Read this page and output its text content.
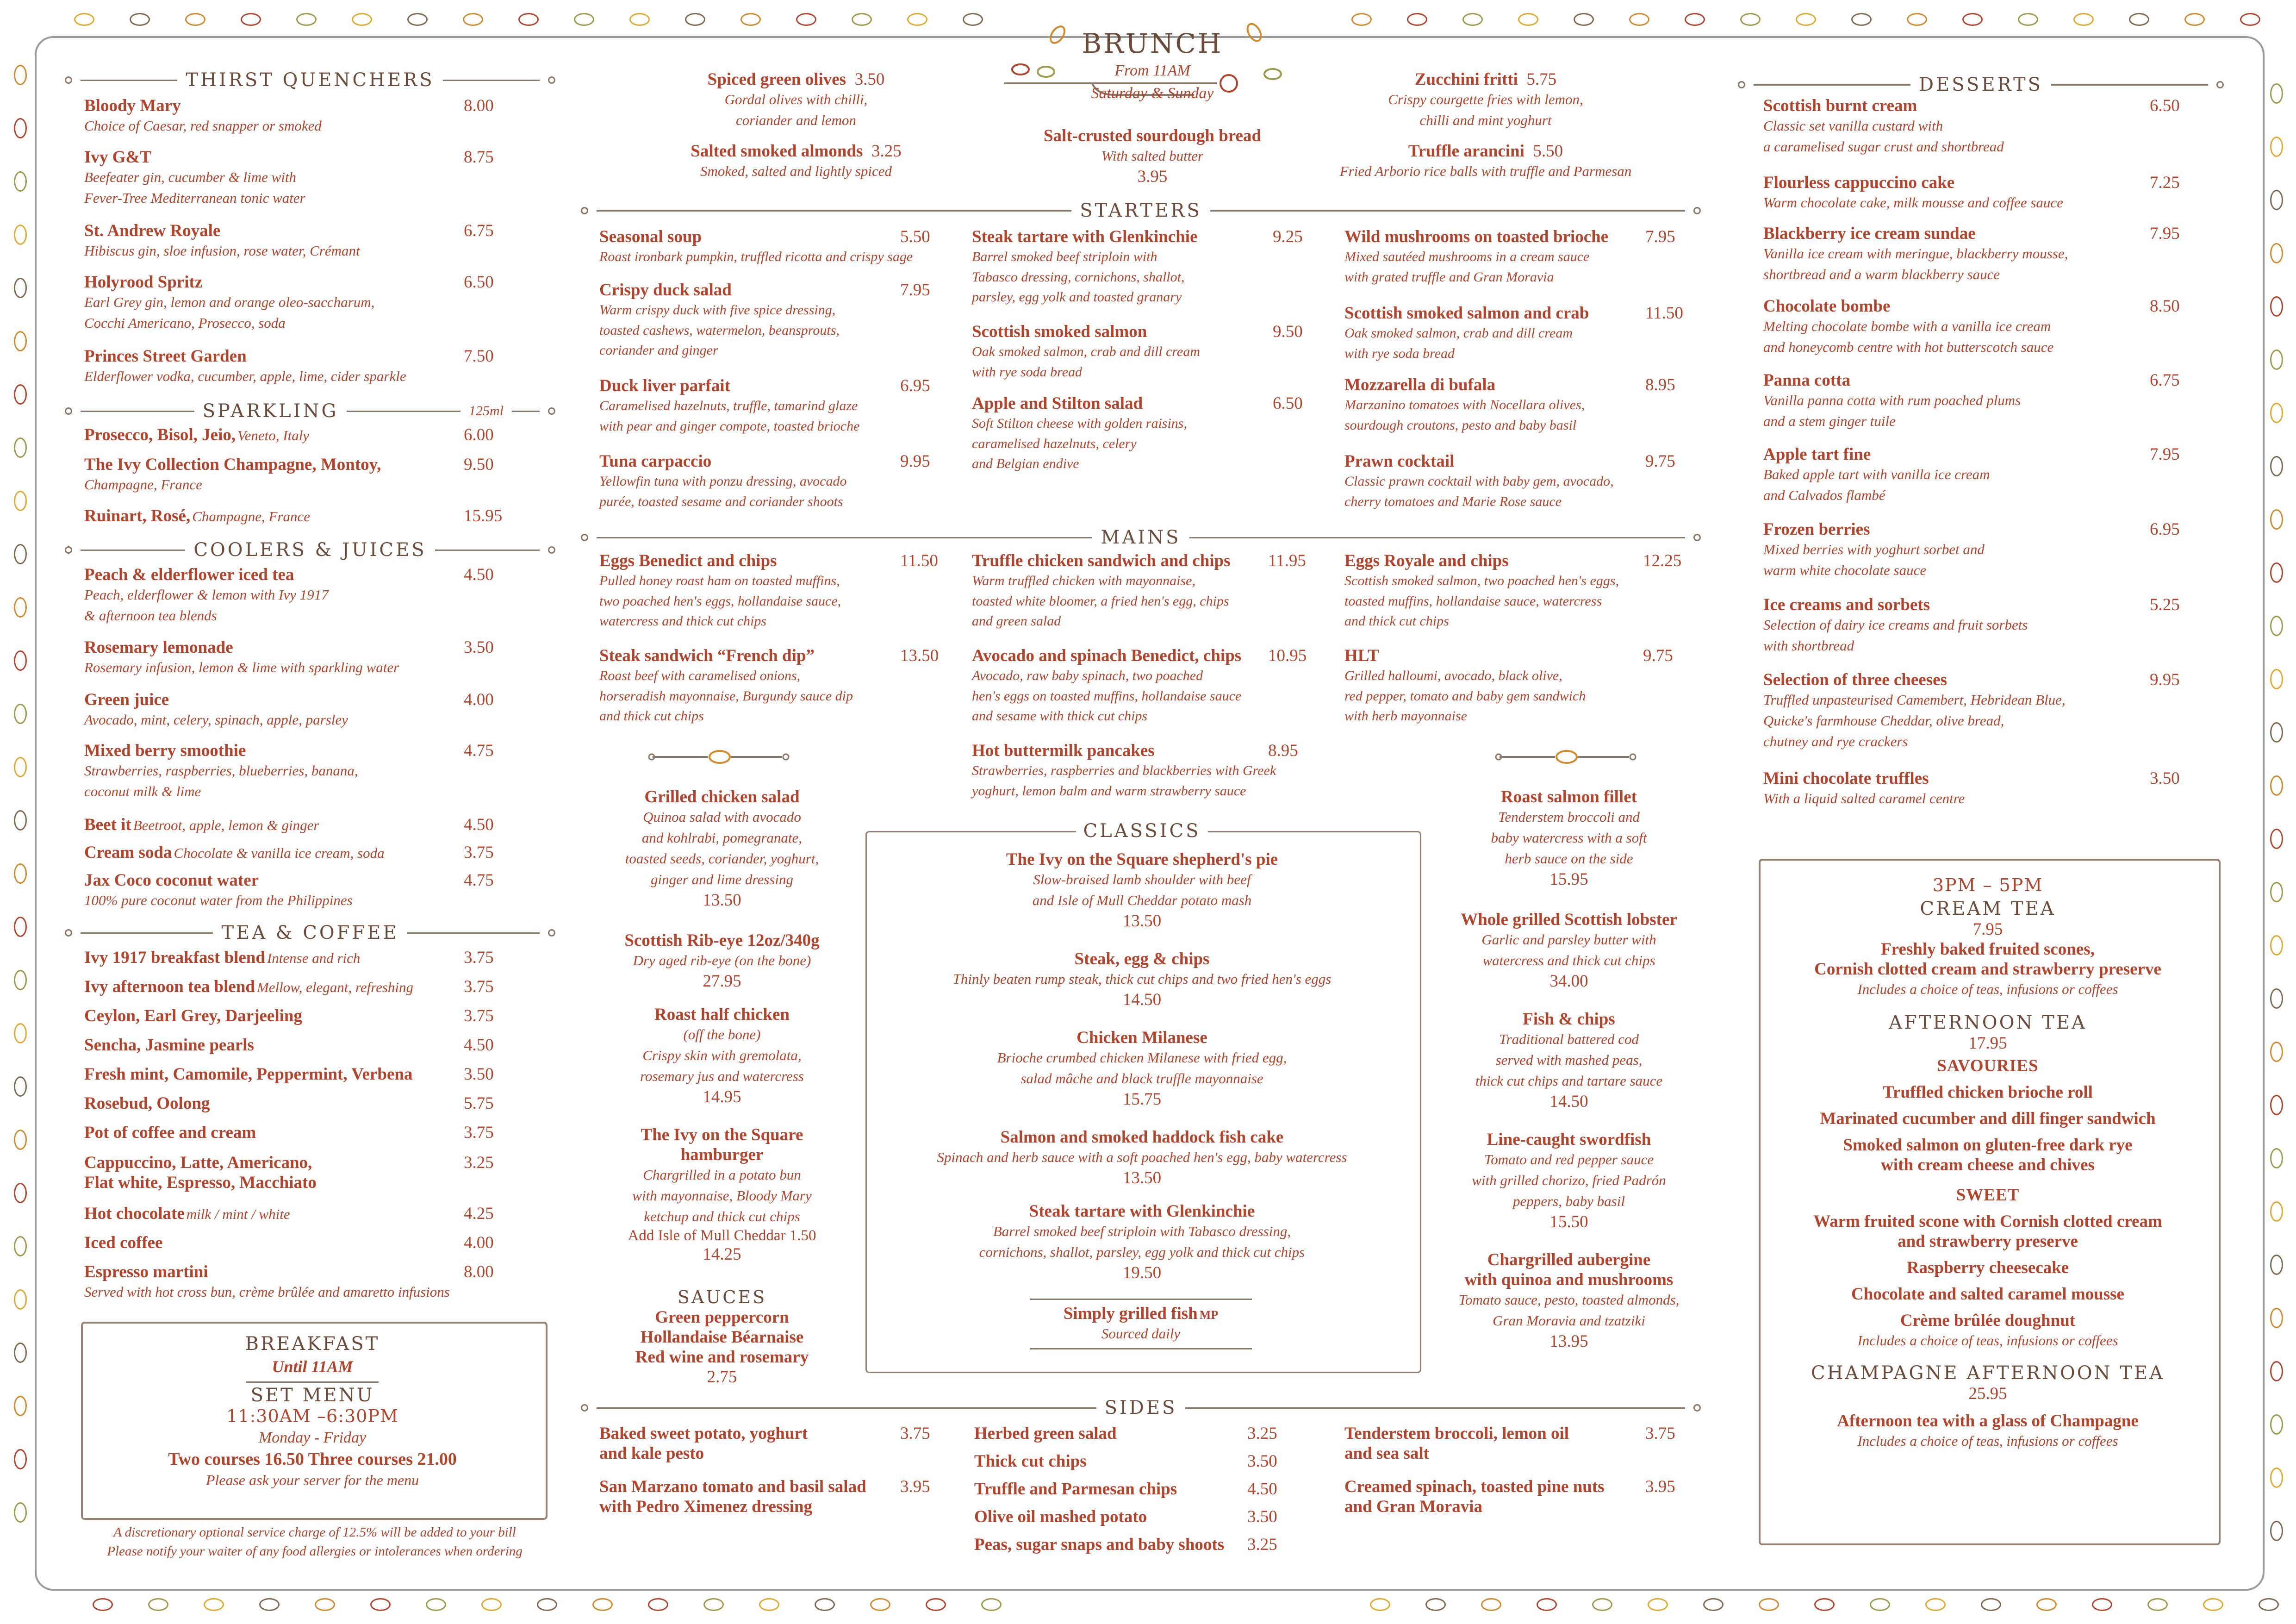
BRUNCH
From 11AM
Saturday & Sunday
Salt-crusted sourdough bread
With salted butter
3.95
Spiced green olives 3.50
Gordal olives with chilli,
coriander and lemon
Salted smoked almonds 3.25
Smoked, salted and lightly spiced
Zucchini fritti 5.75
Crispy courgette fries with lemon,
chilli and mint yoghurt
Truffle arancini 5.50
Fried Arborio rice balls with truffle and Parmesan
THIRST QUENCHERS
SPARKLING	125ml
COOLERS & JUICES
TEA & COFFEE
STARTERS
MAINS
SIDES
DESSERTS
Bloody Mary
Choice of Caesar, red snapper or smoked
8.00
Ivy G&T
Beefeater gin, cucumber & lime with
Fever-Tree Mediterranean tonic water
8.75
St. Andrew Royale
Hibiscus gin, sloe infusion, rose water, Crémant
6.75
Holyrood Spritz
Earl Grey gin, lemon and orange oleo-saccharum,
Cocchi Americano, Prosecco, soda
6.50
Princes Street Garden
Elderflower vodka, cucumber, apple, lime, cider sparkle
7.50
Prosecco, Bisol, Jeio, Veneto, Italy	6.00
The Ivy Collection Champagne, Montoy,
Champagne, France
9.50
Ruinart, Rosé, Champagne, France	15.95
Peach & elderflower iced tea
Peach, elderflower & lemon with Ivy 1917
& afternoon tea blends
4.50
Rosemary lemonade
Rosemary infusion, lemon & lime with sparkling water
3.50
Green juice
Avocado, mint, celery, spinach, apple, parsley
4.00
Mixed berry smoothie
Strawberries, raspberries, blueberries, banana,
coconut milk & lime
4.75
Beet it Beetroot, apple, lemon & ginger	4.50
Cream soda Chocolate & vanilla ice cream, soda	3.75
Jax Coco coconut water
100% pure coconut water from the Philippines
4.75
Ivy 1917 breakfast blend Intense and rich	3.75
Ivy afternoon tea blend Mellow, elegant, refreshing	3.75
Ceylon, Earl Grey, Darjeeling	3.75
Sencha, Jasmine pearls	4.50
Fresh mint, Camomile, Peppermint, Verbena	3.50
Rosebud, Oolong	5.75
Pot of coffee and cream	3.75
Cappuccino, Latte, Americano,
Flat white, Espresso, Macchiato
3.25
Hot chocolate milk / mint / white	4.25
Iced coffee	4.00
Espresso martini
Served with hot cross bun, crème brûlée and amaretto infusions
8.00
BREAKFAST
Until 11AM
SET MENU
11:30AM –6:30PM
Monday - Friday
Two courses 16.50 Three courses 21.00
Please ask your server for the menu
A discretionary optional service charge of 12.5% will be added to your bill
Please notify your waiter of any food allergies or intolerances when ordering
Seasonal soup
Roast ironbark pumpkin, truffled ricotta and crispy sage
5.50
Crispy duck salad
Warm crispy duck with five spice dressing,
toasted cashews, watermelon, beansprouts,
coriander and ginger
7.95
Duck liver parfait
Caramelised hazelnuts, truffle, tamarind glaze
with pear and ginger compote, toasted brioche
6.95
Tuna carpaccio
Yellowfin tuna with ponzu dressing, avocado
purée, toasted sesame and coriander shoots
9.95
Steak tartare with Glenkinchie
Barrel smoked beef striploin with
Tabasco dressing, cornichons, shallot,
parsley, egg yolk and toasted granary
9.25
Scottish smoked salmon
Oak smoked salmon, crab and dill cream
with rye soda bread
9.50
Apple and Stilton salad
Soft Stilton cheese with golden raisins,
caramelised hazelnuts, celery
and Belgian endive
6.50
Wild mushrooms on toasted brioche
Mixed sautéed mushrooms in a cream sauce
with grated truffle and Gran Moravia
7.95
Scottish smoked salmon and crab
Oak smoked salmon, crab and dill cream
with rye soda bread
11.50
Mozzarella di bufala
Marzanino tomatoes with Nocellara olives,
sourdough croutons, pesto and baby basil
8.95
Prawn cocktail
Classic prawn cocktail with baby gem, avocado,
cherry tomatoes and Marie Rose sauce
9.75
Eggs Benedict and chips
Pulled honey roast ham on toasted muffins,
two poached hen's eggs, hollandaise sauce,
watercress and thick cut chips
11.50
Steak sandwich “French dip”
Roast beef with caramelised onions,
horseradish mayonnaise, Burgundy sauce dip
and thick cut chips
13.50
Truffle chicken sandwich and chips
Warm truffled chicken with mayonnaise,
toasted white bloomer, a fried hen's egg, chips
and green salad
11.95
Avocado and spinach Benedict, chips
Avocado, raw baby spinach, two poached
hen's eggs on toasted muffins, hollandaise sauce
and sesame with thick cut chips
10.95
Hot buttermilk pancakes
Strawberries, raspberries and blackberries with Greek
yoghurt, lemon balm and warm strawberry sauce
8.95
Eggs Royale and chips
Scottish smoked salmon, two poached hen's eggs,
toasted muffins, hollandaise sauce, watercress
and thick cut chips
12.25
HLT
Grilled halloumi, avocado, black olive,
red pepper, tomato and baby gem sandwich
with herb mayonnaise
9.75
Baked sweet potato, yoghurt
and kale pesto
3.75
San Marzano tomato and basil salad
with Pedro Ximenez dressing
3.95
Herbed green salad	3.25
Thick cut chips	3.50
Truffle and Parmesan chips	4.50
Olive oil mashed potato	3.50
Peas, sugar snaps and baby shoots	3.25
Tenderstem broccoli, lemon oil
and sea salt
3.75
Creamed spinach, toasted pine nuts
and Gran Moravia
3.95
Grilled chicken salad
Quinoa salad with avocado
and kohlrabi, pomegranate,
toasted seeds, coriander, yoghurt,
ginger and lime dressing
13.50
Scottish Rib-eye 12oz/340g
Dry aged rib-eye (on the bone)
27.95
Roast half chicken
(off the bone)
Crispy skin with gremolata,
rosemary jus and watercress
14.95
The Ivy on the Square
hamburger
Chargrilled in a potato bun
with mayonnaise, Bloody Mary
ketchup and thick cut chips
Add Isle of Mull Cheddar 1.50
14.25
Roast salmon fillet
Tenderstem broccoli and
baby watercress with a soft
herb sauce on the side
15.95
Whole grilled Scottish lobster
Garlic and parsley butter with
watercress and thick cut chips
34.00
Fish & chips
Traditional battered cod
served with mashed peas,
thick cut chips and tartare sauce
14.50
Line-caught swordfish
Tomato and red pepper sauce
with grilled chorizo, fried Padrón
peppers, baby basil
15.50
Chargrilled aubergine
with quinoa and mushrooms
Tomato sauce, pesto, toasted almonds,
Gran Moravia and tzatziki
13.95
SAUCES
Green peppercorn
Hollandaise Béarnaise
Red wine and rosemary
2.75
Scottish burnt cream
Classic set vanilla custard with
a caramelised sugar crust and shortbread
6.50
Flourless cappuccino cake
Warm chocolate cake, milk mousse and coffee sauce
7.25
Blackberry ice cream sundae
Vanilla ice cream with meringue, blackberry mousse,
shortbread and a warm blackberry sauce
7.95
Chocolate bombe
Melting chocolate bombe with a vanilla ice cream
and honeycomb centre with hot butterscotch sauce
8.50
Panna cotta
Vanilla panna cotta with rum poached plums
and a stem ginger tuile
6.75
Apple tart fine
Baked apple tart with vanilla ice cream
and Calvados flambé
7.95
Frozen berries
Mixed berries with yoghurt sorbet and
warm white chocolate sauce
6.95
Ice creams and sorbets
Selection of dairy ice creams and fruit sorbets
with shortbread
5.25
Selection of three cheeses
Truffled unpasteurised Camembert, Hebridean Blue,
Quicke's farmhouse Cheddar, olive bread,
chutney and rye crackers
9.95
Mini chocolate truffles
With a liquid salted caramel centre
3.50
CLASSICS
The Ivy on the Square shepherd's pie
Slow-braised lamb shoulder with beef
and Isle of Mull Cheddar potato mash
13.50
Steak, egg & chips
Thinly beaten rump steak, thick cut chips and two fried hen's eggs
14.50
Chicken Milanese
Brioche crumbed chicken Milanese with fried egg,
salad mâche and black truffle mayonnaise
15.75
Salmon and smoked haddock fish cake
Spinach and herb sauce with a soft poached hen's egg, baby watercress
13.50
Steak tartare with Glenkinchie
Barrel smoked beef striploin with Tabasco dressing,
cornichons, shallot, parsley, egg yolk and thick cut chips
19.50
Simply grilled fish MP
Sourced daily
3PM – 5PM
CREAM TEA
7.95
Freshly baked fruited scones,
Cornish clotted cream and strawberry preserve
Includes a choice of teas, infusions or coffees
AFTERNOON TEA
17.95
SAVOURIES
Truffled chicken brioche roll
Marinated cucumber and dill finger sandwich
Smoked salmon on gluten-free dark rye
with cream cheese and chives
SWEET
Warm fruited scone with Cornish clotted cream
and strawberry preserve
Raspberry cheesecake
Chocolate and salted caramel mousse
Crème brûlée doughnut
Includes a choice of teas, infusions or coffees
CHAMPAGNE AFTERNOON TEA
25.95
Afternoon tea with a glass of Champagne
Includes a choice of teas, infusions or coffees
